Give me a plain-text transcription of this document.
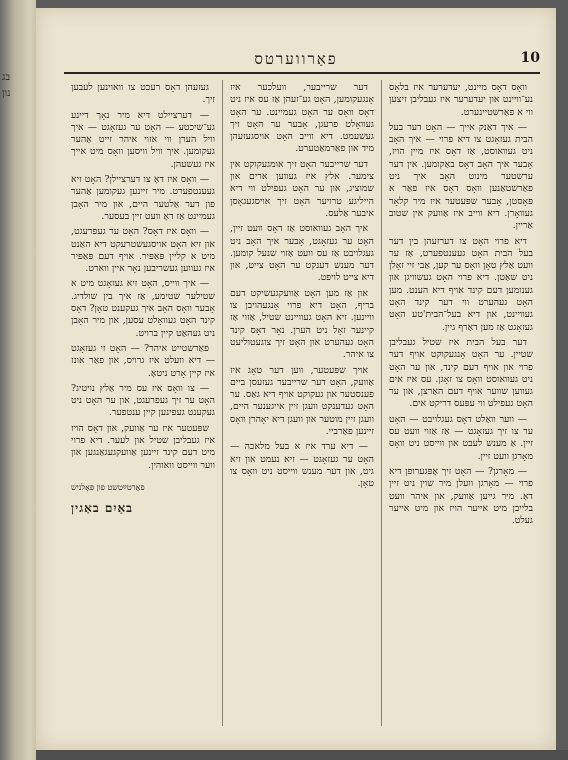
בג
נון
10
פאַרווערטס

געזעהן דאָס רעכט צו וואוינען לעבען זיך.

— דערציילט דיא מיר נאָך דיינע גע־שיכטע — האָט ער געזאָגט — איך וויל הערן ווי אזוי איהר זייט אַהער געקומען. איך וויל וויסען וואָס מיט אייך איז געשעהן.

— וואָס איז דאָ צו דערציילן? האָט זיא געענטפערט. מיר זיינען געקומען אַהער פון דער אַלטער היים, און מיר האָבן געמיינט אַז דאָ וועט זיין בעסער.

— וואָס איז דאָס? האָט ער געפרעגט, און זיא האָט אויסגעשטרעקט דיא האַנט מיט א קליין פּאַפּיר. אויף דעם פּאַפּיר איז געווען געשריבען נאָר איין ווארט.

— איך ווייס, האָט זיא געזאָגט מיט א שטילער שטימע, אַז איך בין שולדיג. אָבער וואָס האָב איך געקענט טאָן? דאָס קינד האָט געוואָלט עסען, און מיר האָבן ניט געהאַט קיין ברויט.

פאַרשטייט איהר? — האָט זי געזאָגט — דיא וועלט איז גרויס, און פאַר אונז איז קיין אָרט ניטאָ.

— צו וואָס איז עס מיר אַלץ נויטיג? האָט ער זיך געפרעגט, און ער האָט ניט געקענט געפינען קיין ענטפער.

שפּעטער איז ער אַוועק, און דאָס הויז איז געבליבן שטיל און לעער. דיא פרוי מיט דעם קינד זיינען אַוועקגעגאַנגען און ווער ווייסט וואוהין.

פאַרטײַטשט פון פּאָלניש
באַיִם באַגין

דער שרייבער, וועלכער איז אָנגעקומען, האָט גע־זעהן אַז עס איז ניט דאָס וואָס ער האָט געמיינט. ער האָט געוואָלט פרעגן, אָבער ער האָט זיך געשעמט. דיא ווייב האָט אויסגעזעהן מיד און פאַרמאַטערט.

דער שרייבער האָט זיך אומגעקוקט אין צימער. אלץ איז געווען ארים און שמוציג, און ער האָט געפילט ווי דיא הייליגע טרויער האָט זיך אויסגעגאָסן איבער אַלעס.

איך האָב געוואוסט אַז דאָס וועט זיין, האָט ער געזאָגט, אָבער איך האָב ניט געגלויבט אַז עס וועט אַזוי שנעל קומען. דער מענש דענקט ער האָט צייט, און דיא צייט לויפט.

און אַז מען האָט אַוועקגעשיקט דעם בריף, האָט דיא פרוי אָנגעהויבן צו וויינען. זיא האָט געוויינט שטיל, אַזוי אַז קיינער זאָל ניט הערן. נאָר דאָס קינד האָט געהערט און האָט זיך צוגעטוליעט צו איהר.

אויך שפּעטער, ווען דער טאָג איז אַוועק, האָט דער שרייבער געזעסן ביים פענסטער און געקוקט אויף דיא גאַס. ער האָט געדענקט וועגן זיין אייגענער היים, וועגן זיין מוטער און וועגן דיא יאָהרן וואָס זיינען פאַרביי.

— דיא ערד איז א בעל מלאכה — האָט ער געזאָגט — זיא נעמט און זיא גיט, און דער מענש ווייסט ניט וואָס צו טאָן.

וואָס דאָס מיינט, יעדערער איז בלאָס נע־וויינט און יעדערער איז געבליבן זיצען ווי א פאַרשטיינערט.

— איך דאַנק אייך — האָט דער בעל הבית געזאָגט צו דיא פרוי — איך האָב ניט געוואוסט, אַז דאָס איז מיין הויז, אָבער איך האָב דאָס באַקומען. אין דער ערשטער מינוט האָב איך ניט פאַרשטאַנען וואָס דאָס איז פאַר א פּאָסטן, אָבער שפּעטער איז מיר קלאָר געוואָרן. דיא ווייב איז אַוועק אין שטוב אַריין.

דיא פרוי האָט צו דערזעהן בין דער בעל הבית האָט געענטפערט, אַז ער וועט אַלץ טאָן וואָס ער קען, אַבי זיי זאָלן ניט שאַטן. דיא פרוי האָט געשוויגן און גענומען דעם קינד אויף דיא הענט. מען האָט געהערט ווי דער קינד האָט געוויינט, און דיא בעל־הבית'טע האָט געזאָגט אַז מען דאַרף גיין.

דער בעל הבית איז שטיל געבליבן שטיין. ער האָט אָנגעקוקט אויף דער פרוי און אויף דעם קינד, און ער האָט ניט געוואוסט וואָס צו זאָגן. עס איז אים געווען שווער אויף דעם האַרצן, און ער האָט געפילט ווי עפּעס דריקט אים.

— ווער וואַלט דאָס געגלויבט — האָט ער צו זיך געזאָגט — אַז אַזוי וועט עס זיין. אַ מענש לעבט און ווייסט ניט וואָס מאָרגן וועט זיין.

— מאָרגן? — האָט זיך אָפּגערופן דיא פרוי — מאָרגן וועלן מיר שוין ניט זיין דאָ. מיר גייען אַוועק, און איהר וועט בלייבן מיט אייער הויז און מיט אייער געלט.
